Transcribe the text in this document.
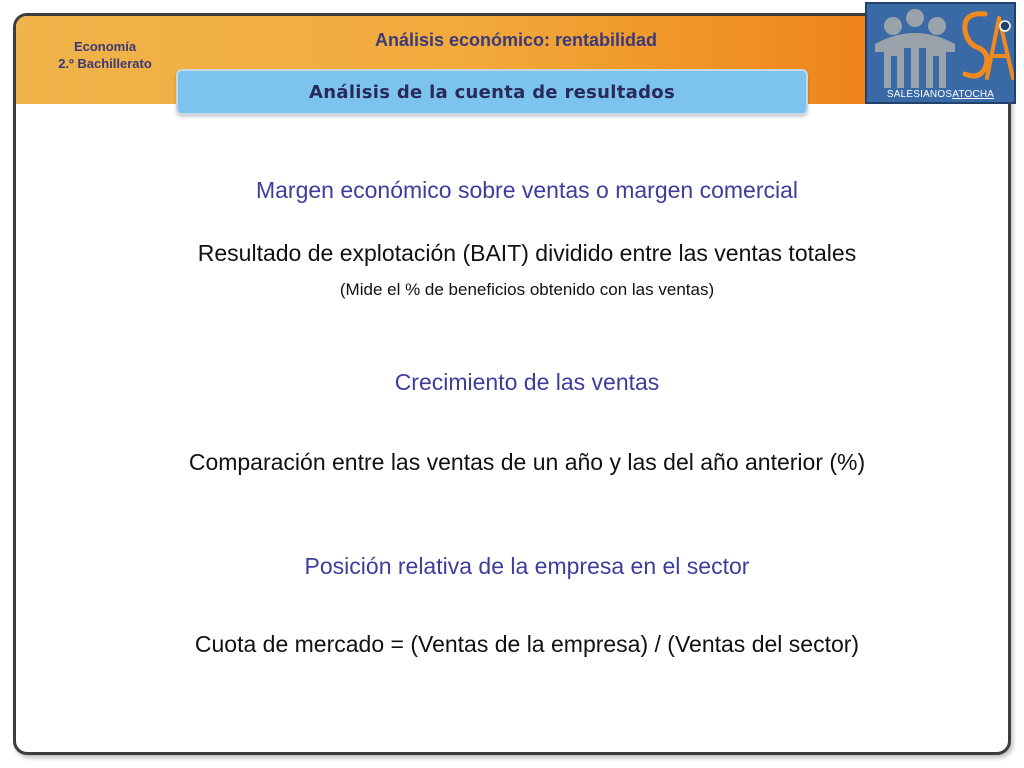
Economía
2.º Bachillerato
Análisis económico: rentabilidad
Análisis de la cuenta de resultados	SALESIANOSATOCHA
Margen económico sobre ventas o margen comercial
Resultado de explotación (BAIT) dividido entre las ventas totales
(Mide el % de beneficios obtenido con las ventas)
Crecimiento de las ventas
Comparación entre las ventas de un año y las del año anterior (%)
Posición relativa de la empresa en el sector
Cuota de mercado = (Ventas de la empresa) / (Ventas del sector)
